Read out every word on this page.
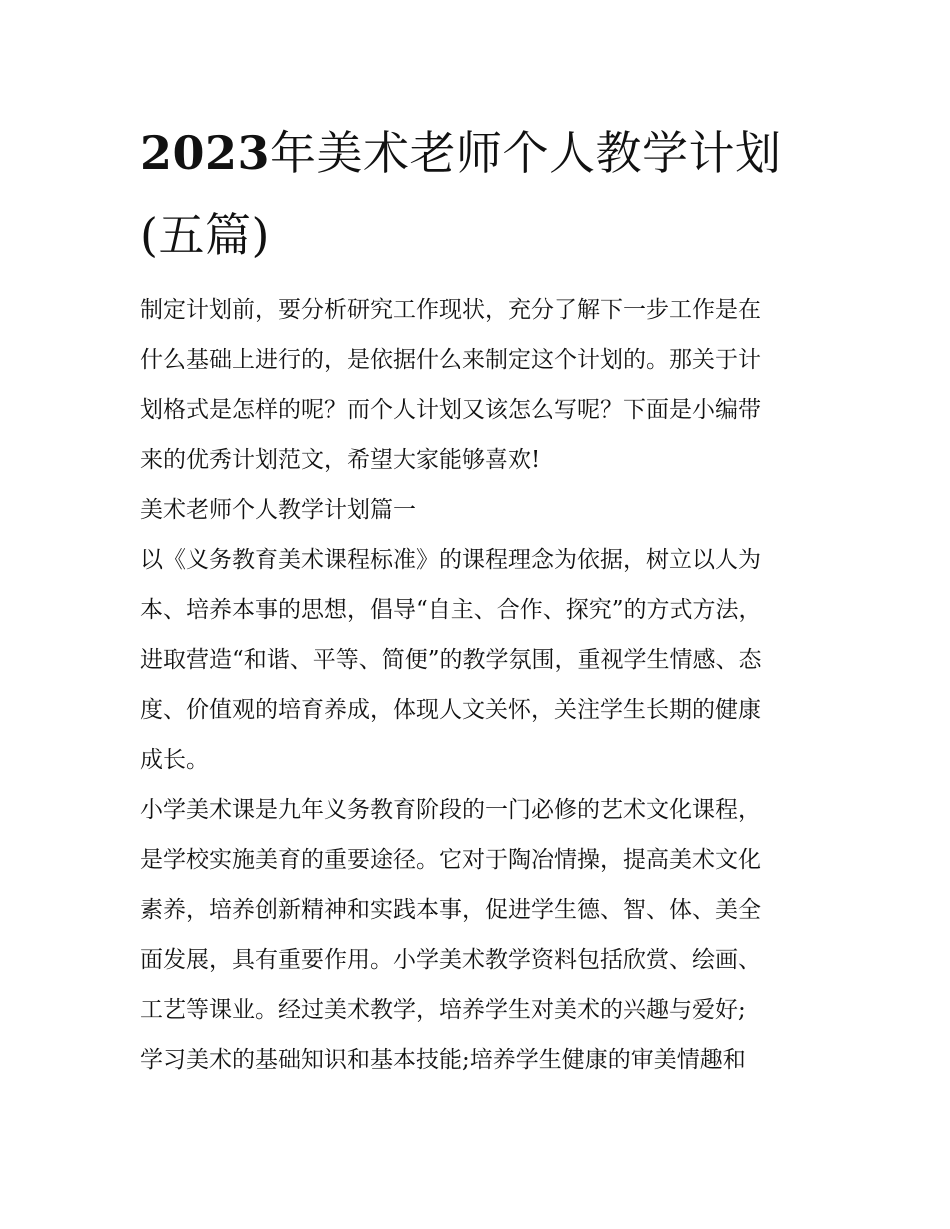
2023年美术老师个人教学计划
(五篇)
制定计划前，要分析研究工作现状，充分了解下一步工作是在
什么基础上进行的，是依据什么来制定这个计划的。那关于计
划格式是怎样的呢？而个人计划又该怎么写呢？下面是小编带
来的优秀计划范文，希望大家能够喜欢!
美术老师个人教学计划篇一
以《义务教育美术课程标准》的课程理念为依据，树立以人为
本、培养本事的思想，倡导“自主、合作、探究”的方式方法，
进取营造“和谐、平等、简便”的教学氛围，重视学生情感、态
度、价值观的培育养成，体现人文关怀，关注学生长期的健康
成长。
小学美术课是九年义务教育阶段的一门必修的艺术文化课程，
是学校实施美育的重要途径。它对于陶冶情操，提高美术文化
素养，培养创新精神和实践本事，促进学生德、智、体、美全
面发展，具有重要作用。小学美术教学资料包括欣赏、绘画、
工艺等课业。经过美术教学，培养学生对美术的兴趣与爱好;
学习美术的基础知识和基本技能;培养学生健康的审美情趣和
